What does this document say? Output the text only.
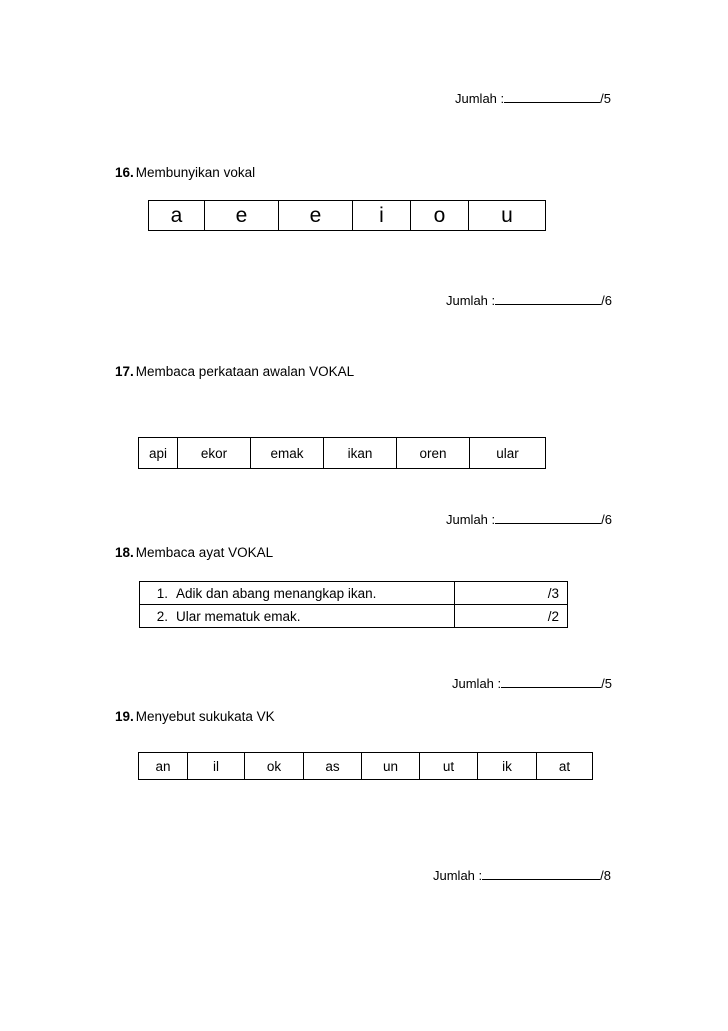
Jumlah :	/5
16. Membunyikan vokal
a	e	e	i	o	u
Jumlah :	/6
17. Membaca perkataan awalan VOKAL
api	ekor	emak	ikan	oren	ular
Jumlah :	/6
18. Membaca ayat VOKAL
1. Adik dan abang menangkap ikan.	/3
2. Ular mematuk emak.	/2
Jumlah :	/5
19. Menyebut sukukata VK
an	il	ok	as	un	ut	ik	at
Jumlah :	/8
